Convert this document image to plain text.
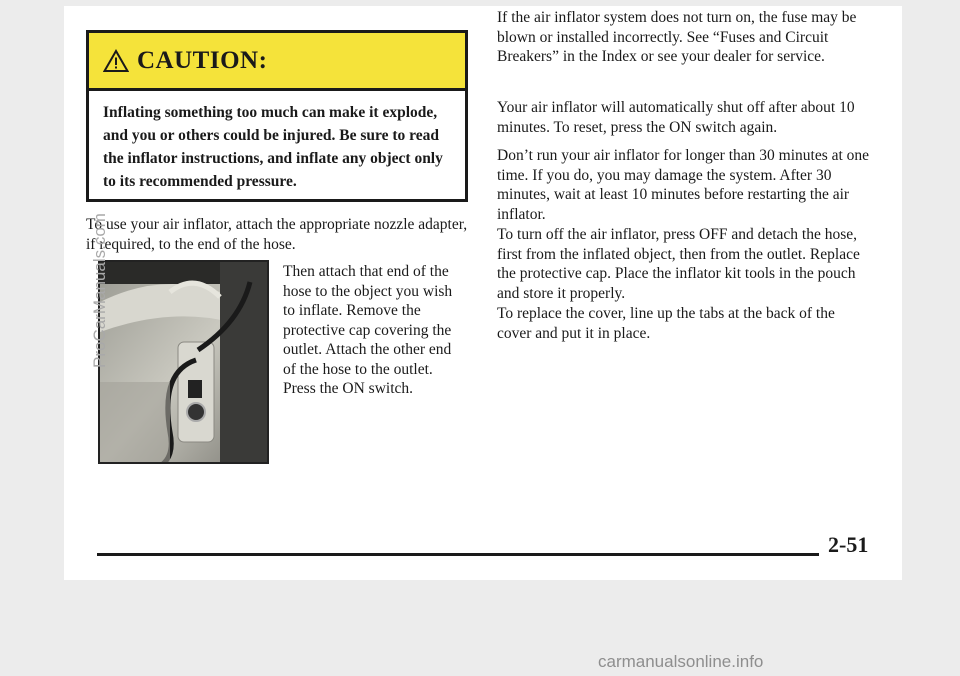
CAUTION:
Inflating something too much can make it explode, and you or others could be injured. Be sure to read the inflator instructions, and inflate any object only to its recommended pressure.

To use your air inflator, attach the appropriate nozzle adapter, if required, to the end of the hose.

Then attach that end of the hose to the object you wish to inflate. Remove the protective cap covering the outlet. Attach the other end of the hose to the outlet. Press the ON switch.

If the air inflator system does not turn on, the fuse may be blown or installed incorrectly. See “Fuses and Circuit Breakers” in the Index or see your dealer for service.

Your air inflator will automatically shut off after about 10 minutes. To reset, press the ON switch again.

Don’t run your air inflator for longer than 30 minutes at one time. If you do, you may damage the system. After 30 minutes, wait at least 10 minutes before restarting the air inflator.

To turn off the air inflator, press OFF and detach the hose, first from the inflated object, then from the outlet. Replace the protective cap. Place the inflator kit tools in the pouch and store it properly.

To replace the cover, line up the tabs at the back of the cover and put it in place.

2-51
ProCarManuals.com
carmanualsonline.info
